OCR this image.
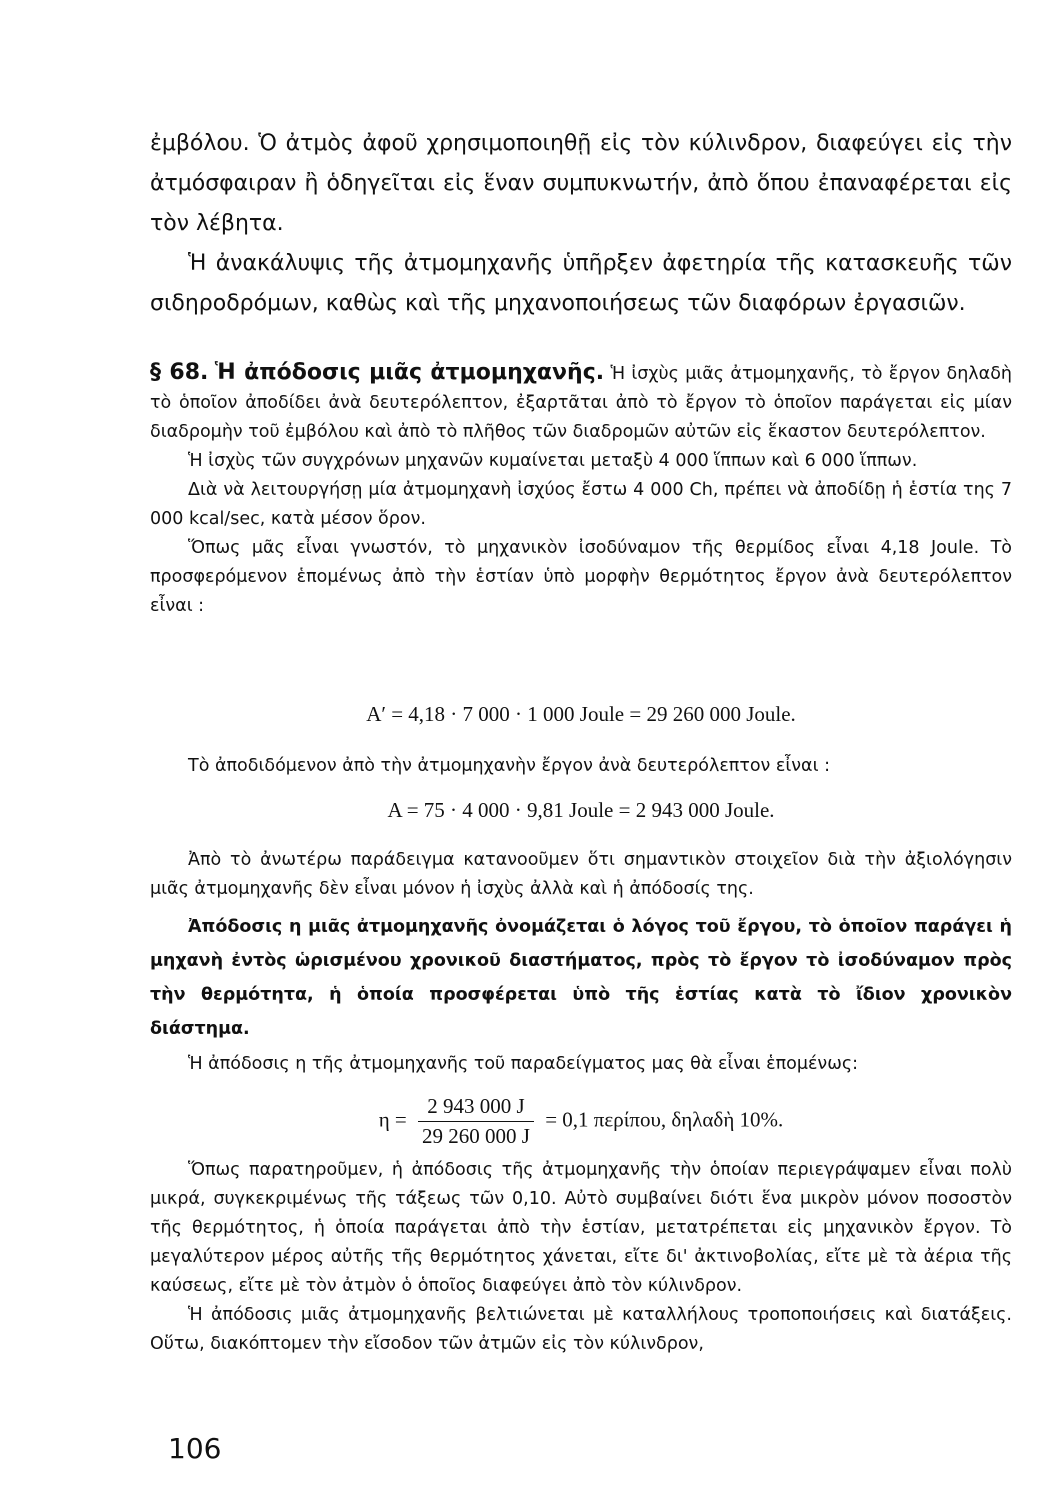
ἐμβόλου. Ὁ ἀτμὸς ἀφοῦ χρησιμοποιηθῇ εἰς τὸν κύλινδρον, διαφεύγει εἰς τὴν ἀτμόσφαιραν ἢ ὁδηγεῖται εἰς ἕναν συμπυκνωτήν, ἀπὸ ὅπου ἐπαναφέρεται εἰς τὸν λέβητα.

Ἡ ἀνακάλυψις τῆς ἀτμομηχανῆς ὑπῆρξεν ἀφετηρία τῆς κατασκευῆς τῶν σιδηροδρόμων, καθὼς καὶ τῆς μηχανοποιήσεως τῶν διαφόρων ἐργασιῶν.

§ 68. Ἡ ἀπόδοσις μιᾶς ἀτμομηχανῆς. Ἡ ἰσχὺς μιᾶς ἀτμομηχανῆς, τὸ ἔργον δηλαδὴ τὸ ὁποῖον ἀποδίδει ἀνὰ δευτερόλεπτον, ἐξαρτᾶται ἀπὸ τὸ ἔργον τὸ ὁποῖον παράγεται εἰς μίαν διαδρομὴν τοῦ ἐμβόλου καὶ ἀπὸ τὸ πλῆθος τῶν διαδρομῶν αὐτῶν εἰς ἕκαστον δευτερόλεπτον.

Ἡ ἰσχὺς τῶν συγχρόνων μηχανῶν κυμαίνεται μεταξὺ 4 000 ἵππων καὶ 6 000 ἵππων.

Διὰ νὰ λειτουργήσῃ μία ἀτμομηχανὴ ἰσχύος ἔστω 4 000 Ch, πρέπει νὰ ἀποδίδῃ ἡ ἑστία της 7 000 kcal/sec, κατὰ μέσον ὅρον.

Ὅπως μᾶς εἶναι γνωστόν, τὸ μηχανικὸν ἰσοδύναμον τῆς θερμίδος εἶναι 4,18 Joule. Τὸ προσφερόμενον ἑπομένως ἀπὸ τὴν ἑστίαν ὑπὸ μορφὴν θερμότητος ἔργον ἀνὰ δευτερόλεπτον εἶναι :

A′ = 4,18 · 7 000 · 1 000 Joule = 29 260 000 Joule.

Τὸ ἀποδιδόμενον ἀπὸ τὴν ἀτμομηχανὴν ἔργον ἀνὰ δευτερόλεπτον εἶναι :

A = 75 · 4 000 · 9,81 Joule = 2 943 000 Joule.

Ἀπὸ τὸ ἀνωτέρω παράδειγμα κατανοοῦμεν ὅτι σημαντικὸν στοιχεῖον διὰ τὴν ἀξιολόγησιν μιᾶς ἀτμομηχανῆς δὲν εἶναι μόνον ἡ ἰσχὺς ἀλλὰ καὶ ἡ ἀπόδοσίς της.

Ἀπόδοσις η μιᾶς ἀτμομηχανῆς ὀνομάζεται ὁ λόγος τοῦ ἔργου, τὸ ὁποῖον παράγει ἡ μηχανὴ ἐντὸς ὡρισμένου χρονικοῦ διαστήματος, πρὸς τὸ ἔργον τὸ ἰσοδύναμον πρὸς τὴν θερμότητα, ἡ ὁποία προσφέρεται ὑπὸ τῆς ἑστίας κατὰ τὸ ἴδιον χρονικὸν διάστημα.

Ἡ ἀπόδοσις η τῆς ἀτμομηχανῆς τοῦ παραδείγματος μας θὰ εἶναι ἑπομένως:

$\eta = \frac{2 943 000 J}{29 260 000 J} = 0,1$ περίπου, δηλαδὴ 10%.

Ὅπως παρατηροῦμεν, ἡ ἀπόδοσις τῆς ἀτμομηχανῆς τὴν ὁποίαν περιεγράψαμεν εἶναι πολὺ μικρά, συγκεκριμένως τῆς τάξεως τῶν 0,10. Αὐτὸ συμβαίνει διότι ἕνα μικρὸν μόνον ποσοστὸν τῆς θερμότητος, ἡ ὁποία παράγεται ἀπὸ τὴν ἑστίαν, μετατρέπεται εἰς μηχανικὸν ἔργον. Τὸ μεγαλύτερον μέρος αὐτῆς τῆς θερμότητος χάνεται, εἴτε δι' ἀκτινοβολίας, εἴτε μὲ τὰ ἀέρια τῆς καύσεως, εἴτε μὲ τὸν ἀτμὸν ὁ ὁποῖος διαφεύγει ἀπὸ τὸν κύλινδρον.

Ἡ ἀπόδοσις μιᾶς ἀτμομηχανῆς βελτιώνεται μὲ καταλλήλους τροποποιήσεις καὶ διατάξεις. Οὕτω, διακόπτομεν τὴν εἴσοδον τῶν ἀτμῶν εἰς τὸν κύλινδρον,

106
